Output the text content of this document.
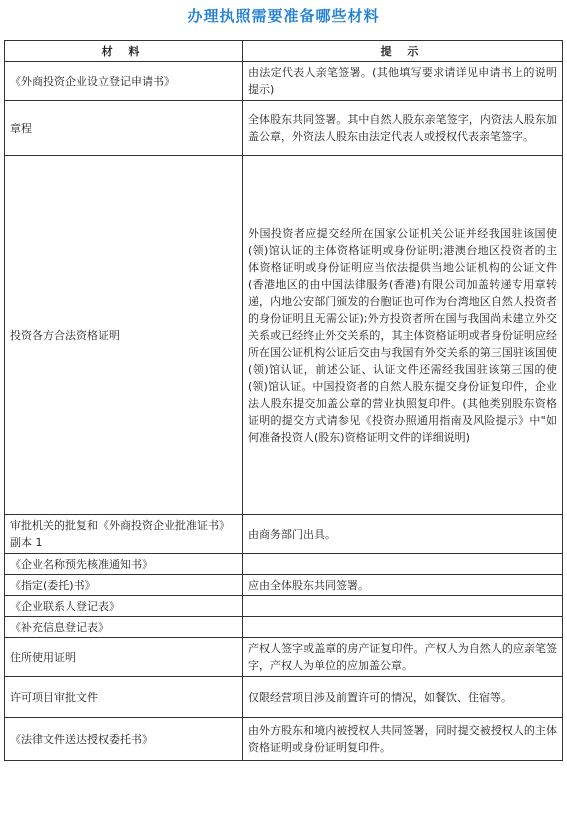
办理执照需要准备哪些材料
材 料	提 示
《外商投资企业设立登记申请书》	由法定代表人亲笔签署。(其他填写要求请详见申请书上的说明提示)
章程	全体股东共同签署。其中自然人股东亲笔签字，内资法人股东加盖公章，外资法人股东由法定代表人或授权代表亲笔签字。
投资各方合法资格证明	外国投资者应提交经所在国家公证机关公证并经我国驻该国使(领)馆认证的主体资格证明或身份证明;港澳台地区投资者的主体资格证明或身份证明应当依法提供当地公证机构的公证文件(香港地区的由中国法律服务(香港)有限公司加盖转递专用章转递，内地公安部门颁发的台胞证也可作为台湾地区自然人投资者的身份证明且无需公证);外方投资者所在国与我国尚未建立外交关系或已经终止外交关系的，其主体资格证明或者身份证明应经所在国公证机构公证后交由与我国有外交关系的第三国驻该国使(领)馆认证，前述公证、认证文件还需经我国驻该第三国的使(领)馆认证。中国投资者的自然人股东提交身份证复印件，企业法人股东提交加盖公章的营业执照复印件。(其他类别股东资格证明的提交方式请参见《投资办照通用指南及风险提示》中"如何准备投资人(股东)资格证明文件的详细说明)
审批机关的批复和《外商投资企业批准证书》副本 1	由商务部门出具。
《企业名称预先核准通知书》	
《指定(委托)书》	应由全体股东共同签署。
《企业联系人登记表》	
《补充信息登记表》	
住所使用证明	产权人签字或盖章的房产证复印件。产权人为自然人的应亲笔签字，产权人为单位的应加盖公章。
许可项目审批文件	仅限经营项目涉及前置许可的情况，如餐饮、住宿等。
《法律文件送达授权委托书》	由外方股东和境内被授权人共同签署，同时提交被授权人的主体资格证明或身份证明复印件。
